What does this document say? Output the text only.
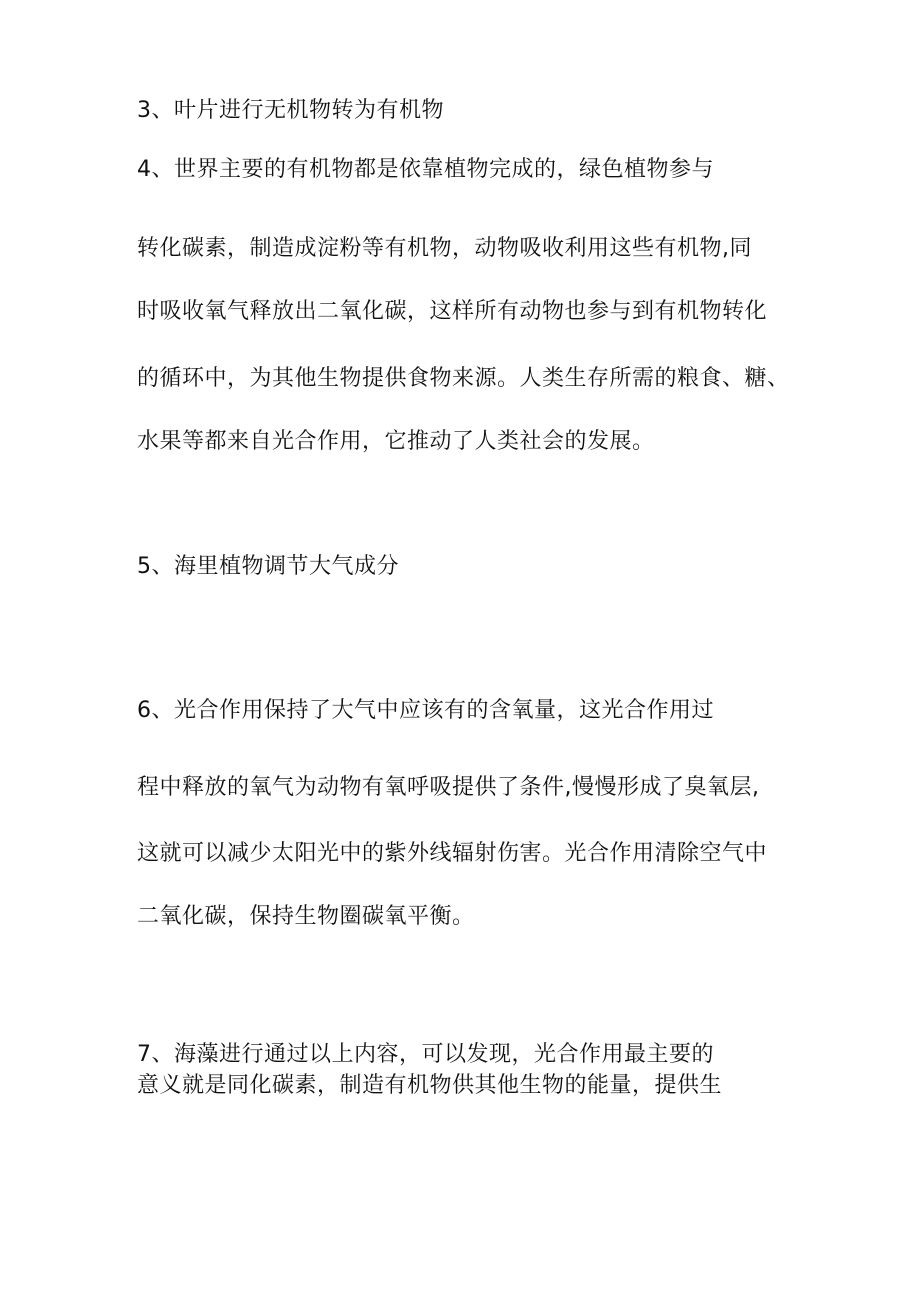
3、叶片进行无机物转为有机物
4、世界主要的有机物都是依靠植物完成的，绿色植物参与
转化碳素，制造成淀粉等有机物，动物吸收利用这些有机物,同
时吸收氧气释放出二氧化碳，这样所有动物也参与到有机物转化
的循环中，为其他生物提供食物来源。人类生存所需的粮食、糖、
水果等都来自光合作用，它推动了人类社会的发展。
5、海里植物调节大气成分
6、光合作用保持了大气中应该有的含氧量，这光合作用过
程中释放的氧气为动物有氧呼吸提供了条件,慢慢形成了臭氧层,
这就可以减少太阳光中的紫外线辐射伤害。光合作用清除空气中
二氧化碳，保持生物圈碳氧平衡。
7、海藻进行通过以上内容，可以发现，光合作用最主要的
意义就是同化碳素，制造有机物供其他生物的能量，提供生
